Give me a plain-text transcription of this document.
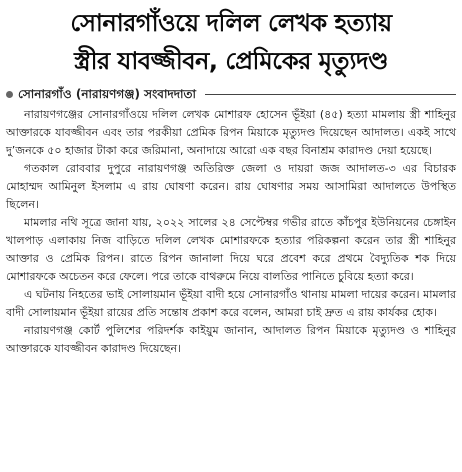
সোনারগাঁওয়ে দলিল লেখক হত্যায়
স্ত্রীর যাবজ্জীবন, প্রেমিকের মৃত্যুদণ্ড
সোনারগাঁও (নারায়ণগঞ্জ) সংবাদদাতা

নারায়ণগঞ্জের সোনারগাঁওয়ে দলিল লেখক মোশারফ হোসেন ভূঁইয়া (৪৫) হত্যা মামলায় স্ত্রী শাহিনুর আক্তারকে যাবজ্জীবন এবং তার পরকীয়া প্রেমিক রিপন মিয়াকে মৃত্যুদণ্ড দিয়েছেন আদালত। একই সাথে দু’জনকে ৫০ হাজার টাকা করে জরিমানা, অনাদায়ে আরো এক বছর বিনাশ্রম কারাদণ্ড দেয়া হয়েছে।

গতকাল রোববার দুপুরে নারায়ণগঞ্জ অতিরিক্ত জেলা ও দায়রা জজ আদালত-৩ এর বিচারক মোহাম্মদ আমিনুল ইসলাম এ রায় ঘোষণা করেন। রায় ঘোষণার সময় আসামিরা আদালতে উপস্থিত ছিলেন।

মামলার নথি সূত্রে জানা যায়, ২০২২ সালের ২৪ সেপ্টেম্বর গভীর রাতে কাঁচপুর ইউনিয়নের চেঙ্গাইন খালপাড় এলাকায় নিজ বাড়িতে দলিল লেখক মোশারফকে হত্যার পরিকল্পনা করেন তার স্ত্রী শাহিনুর আক্তার ও প্রেমিক রিপন। রাতে রিপন জানালা দিয়ে ঘরে প্রবেশ করে প্রথমে বৈদ্যুতিক শক দিয়ে মোশারফকে অচেতন করে ফেলে। পরে তাকে বাথরুমে নিয়ে বালতির পানিতে চুবিয়ে হত্যা করে।

এ ঘটনায় নিহতের ভাই সোলায়মান ভূঁইয়া বাদী হয়ে সোনারগাঁও থানায় মামলা দায়ের করেন। মামলার বাদী সোলায়মান ভূঁইয়া রায়ের প্রতি সন্তোষ প্রকাশ করে বলেন, আমরা চাই দ্রুত এ রায় কার্যকর হোক।

নারায়ণগঞ্জ কোর্ট পুলিশের পরিদর্শক কাইয়ুম জানান, আদালত রিপন মিয়াকে মৃত্যুদণ্ড ও শাহিনুর আক্তারকে যাবজ্জীবন কারাদণ্ড দিয়েছেন।
